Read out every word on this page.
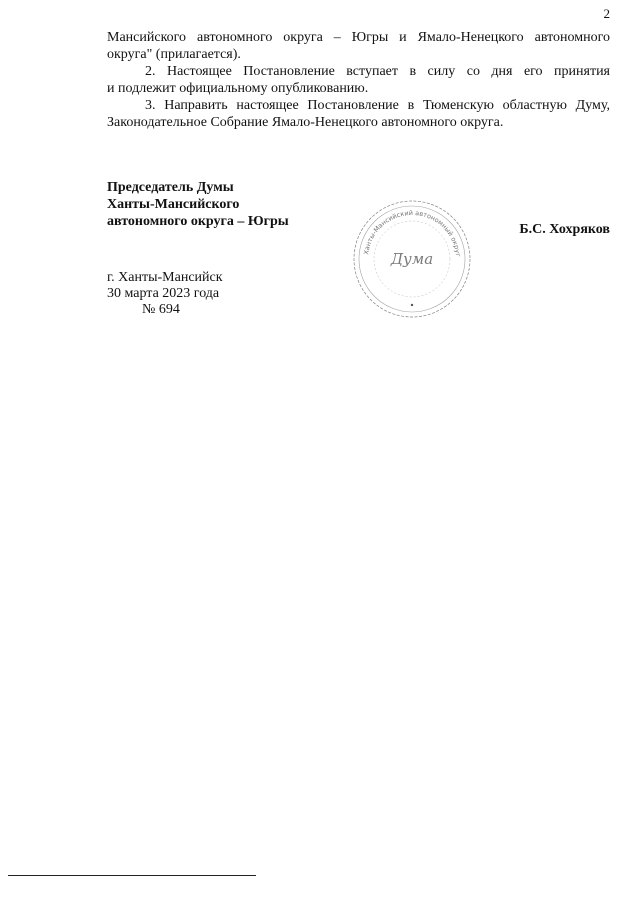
2

Мансийского автономного округа – Югры и Ямало-Ненецкого автономного

округа" (прилагается).

2. Настоящее Постановление вступает в силу со дня его принятия

и подлежит официальному опубликованию.

3. Направить настоящее Постановление в Тюменскую областную Думу,

Законодательное Собрание Ямало-Ненецкого автономного округа.

Председатель Думы
Ханты-Мансийского
автономного округа – Югры
Б.С. Хохряков
Ханты-Мансийский автономный округ
Дума
г. Ханты-Мансийск
30 марта 2023 года
№ 694
